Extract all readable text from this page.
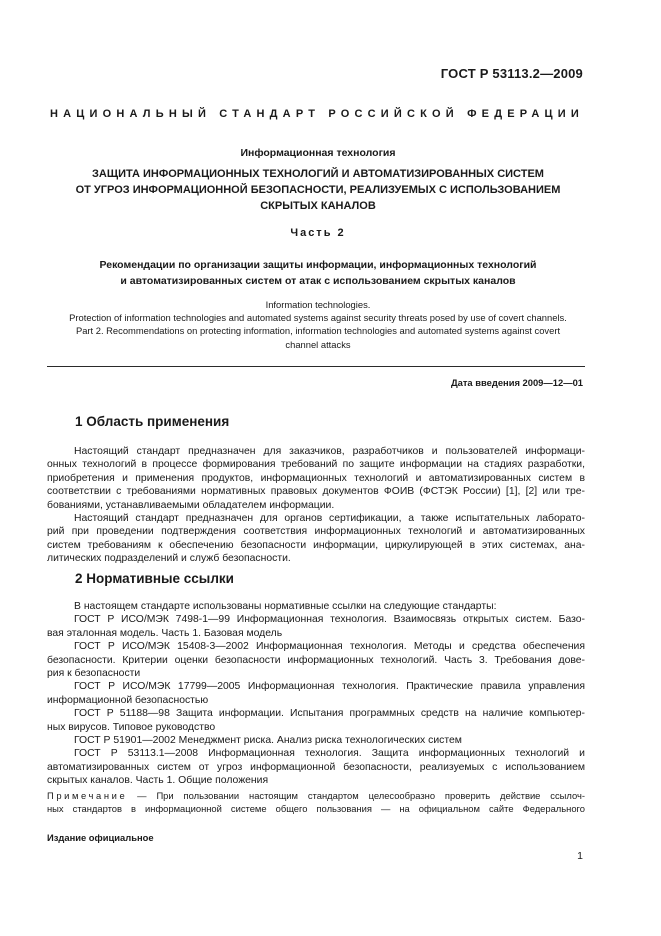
ГОСТ Р 53113.2—2009
НАЦИОНАЛЬНЫЙ СТАНДАРТ РОССИЙСКОЙ ФЕДЕРАЦИИ
Информационная технология
ЗАЩИТА ИНФОРМАЦИОННЫХ ТЕХНОЛОГИЙ И АВТОМАТИЗИРОВАННЫХ СИСТЕМ
ОТ УГРОЗ ИНФОРМАЦИОННОЙ БЕЗОПАСНОСТИ, РЕАЛИЗУЕМЫХ С ИСПОЛЬЗОВАНИЕМ
СКРЫТЫХ КАНАЛОВ
Часть 2
Рекомендации по организации защиты информации, информационных технологий
и автоматизированных систем от атак с использованием скрытых каналов
Information technologies.
Protection of information technologies and automated systems against security threats posed by use of covert channels.
Part 2. Recommendations on protecting information, information technologies and automated systems against covert
channel attacks
Дата введения 2009—12—01
1 Область применения
Настоящий стандарт предназначен для заказчиков, разработчиков и пользователей информаци-
онных технологий в процессе формирования требований по защите информации на стадиях разработки,
приобретения и применения продуктов, информационных технологий и автоматизированных систем в
соответствии с требованиями нормативных правовых документов ФОИВ (ФСТЭК России) [1], [2] или тре-
бованиями, устанавливаемыми обладателем информации.
Настоящий стандарт предназначен для органов сертификации, а также испытательных лаборато-
рий при проведении подтверждения соответствия информационных технологий и автоматизированных
систем требованиям к обеспечению безопасности информации, циркулирующей в этих системах, ана-
литических подразделений и служб безопасности.
2 Нормативные ссылки
В настоящем стандарте использованы нормативные ссылки на следующие стандарты:
ГОСТ Р ИСО/МЭК 7498-1—99 Информационная технология. Взаимосвязь открытых систем. Базо-
вая эталонная модель. Часть 1. Базовая модель
ГОСТ Р ИСО/МЭК 15408-3—2002 Информационная технология. Методы и средства обеспечения
безопасности. Критерии оценки безопасности информационных технологий. Часть 3. Требования дове-
рия к безопасности
ГОСТ Р ИСО/МЭК 17799—2005 Информационная технология. Практические правила управления
информационной безопасностью
ГОСТ Р 51188—98 Защита информации. Испытания программных средств на наличие компьютер-
ных вирусов. Типовое руководство
ГОСТ Р 51901—2002 Менеджмент риска. Анализ риска технологических систем
ГОСТ Р 53113.1—2008 Информационная технология. Защита информационных технологий и
автоматизированных систем от угроз информационной безопасности, реализуемых с использованием
скрытых каналов. Часть 1. Общие положения
Примечание — При пользовании настоящим стандартом целесообразно проверить действие ссылоч-
ных стандартов в информационной системе общего пользования — на официальном сайте Федерального
Издание официальное
1
